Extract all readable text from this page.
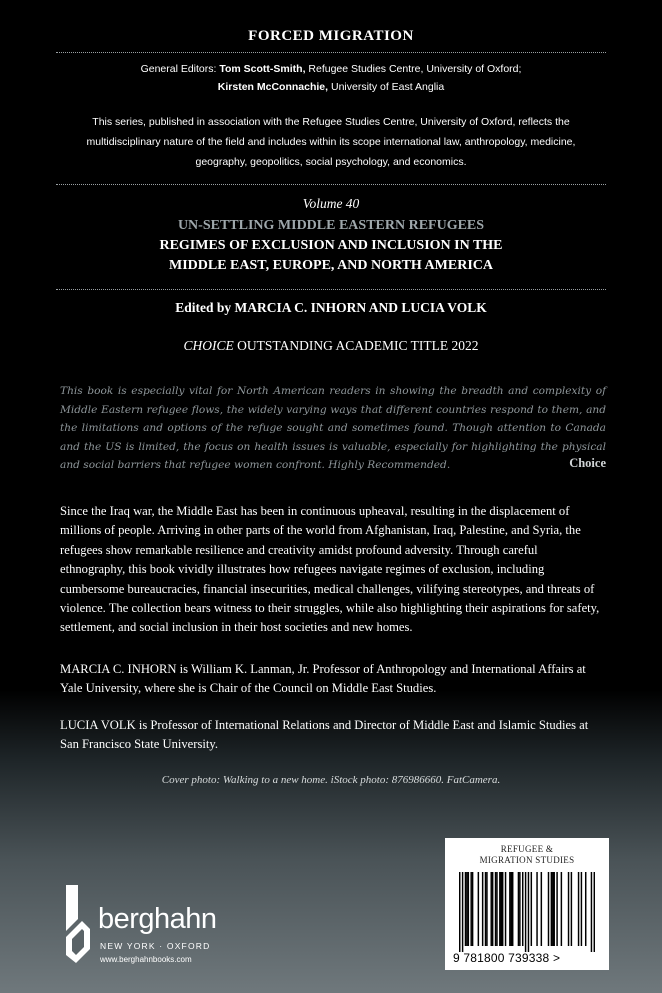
FORCED MIGRATION
General Editors: Tom Scott-Smith, Refugee Studies Centre, University of Oxford;
Kirsten McConnachie, University of East Anglia
This series, published in association with the Refugee Studies Centre, University of Oxford, reflects the multidisciplinary nature of the field and includes within its scope international law, anthropology, medicine, geography, geopolitics, social psychology, and economics.
Volume 40
UN-SETTLING MIDDLE EASTERN REFUGEES
REGIMES OF EXCLUSION AND INCLUSION IN THE
MIDDLE EAST, EUROPE, AND NORTH AMERICA
Edited by MARCIA C. INHORN AND LUCIA VOLK
CHOICE OUTSTANDING ACADEMIC TITLE 2022
This book is especially vital for North American readers in showing the breadth and complexity of Middle Eastern refugee flows, the widely varying ways that different countries respond to them, and the limitations and options of the refuge sought and sometimes found. Though attention to Canada and the US is limited, the focus on health issues is valuable, especially for highlighting the physical and social barriers that refugee women confront. Highly Recommended.	Choice
Since the Iraq war, the Middle East has been in continuous upheaval, resulting in the displacement of millions of people. Arriving in other parts of the world from Afghanistan, Iraq, Palestine, and Syria, the refugees show remarkable resilience and creativity amidst profound adversity. Through careful ethnography, this book vividly illustrates how refugees navigate regimes of exclusion, including cumbersome bureaucracies, financial insecurities, medical challenges, vilifying stereotypes, and threats of violence. The collection bears witness to their struggles, while also highlighting their aspirations for safety, settlement, and social inclusion in their host societies and new homes.
MARCIA C. INHORN is William K. Lanman, Jr. Professor of Anthropology and International Affairs at Yale University, where she is Chair of the Council on Middle East Studies.
LUCIA VOLK is Professor of International Relations and Director of Middle East and Islamic Studies at San Francisco State University.
Cover photo: Walking to a new home. iStock photo: 876986660. FatCamera.
berghahn
NEW YORK · OXFORD
www.berghahnbooks.com
REFUGEE &
MIGRATION STUDIES
9 781800 739338 >
